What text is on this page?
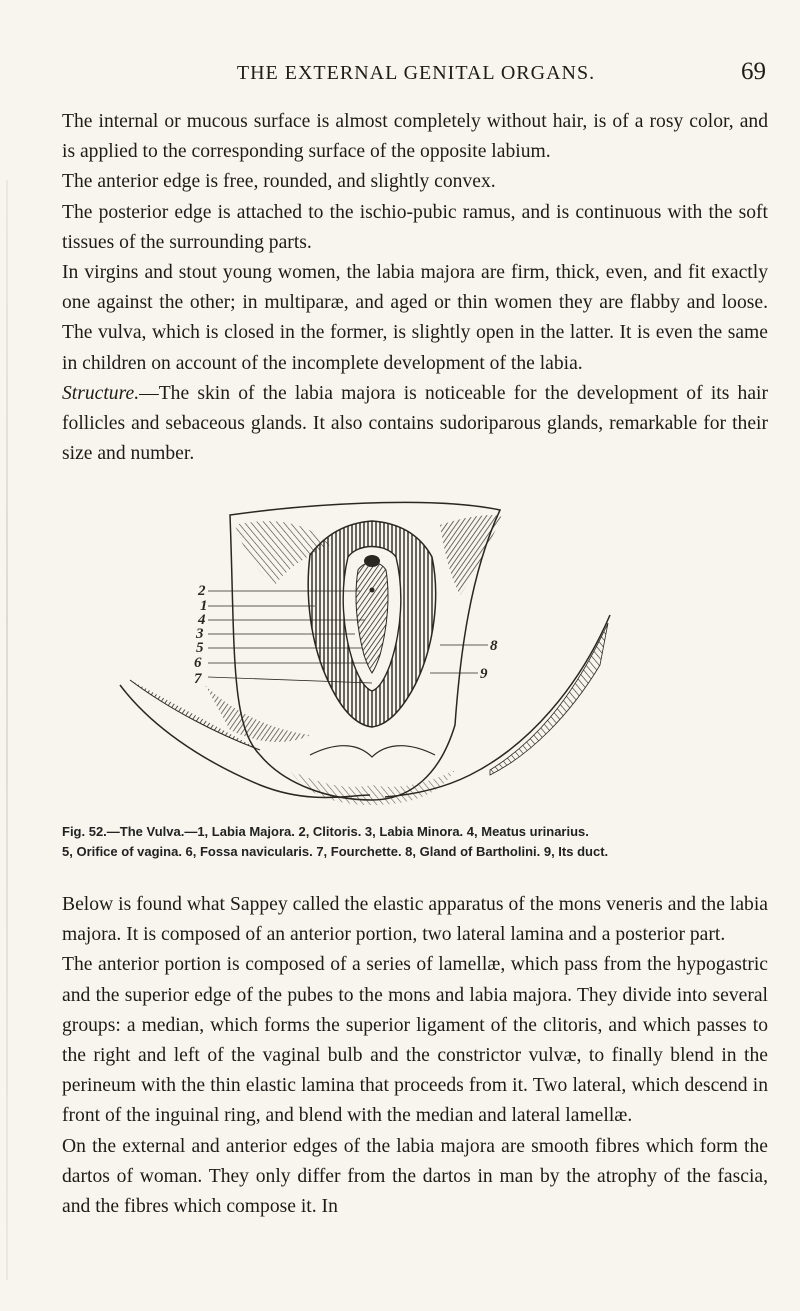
THE EXTERNAL GENITAL ORGANS.	69

The internal or mucous surface is almost completely without hair, is of a rosy color, and is applied to the corresponding surface of the opposite labium.

The anterior edge is free, rounded, and slightly convex.

The posterior edge is attached to the ischio-pubic ramus, and is continuous with the soft tissues of the surrounding parts.

In virgins and stout young women, the labia majora are firm, thick, even, and fit exactly one against the other; in multiparæ, and aged or thin women they are flabby and loose. The vulva, which is closed in the former, is slightly open in the latter. It is even the same in children on account of the incomplete development of the labia.

Structure.—The skin of the labia majora is noticeable for the development of its hair follicles and sebaceous glands. It also contains sudoriparous glands, remarkable for their size and number.

2
1
4
3
5
6
7
8
9
Fig. 52.—The Vulva.—1, Labia Majora. 2, Clitoris. 3, Labia Minora. 4, Meatus urinarius.
5, Orifice of vagina. 6, Fossa navicularis. 7, Fourchette. 8, Gland of Bartholini. 9, Its duct.

Below is found what Sappey called the elastic apparatus of the mons veneris and the labia majora. It is composed of an anterior portion, two lateral lamina and a posterior part.

The anterior portion is composed of a series of lamellæ, which pass from the hypogastric and the superior edge of the pubes to the mons and labia majora. They divide into several groups: a median, which forms the superior ligament of the clitoris, and which passes to the right and left of the vaginal bulb and the constrictor vulvæ, to finally blend in the perineum with the thin elastic lamina that proceeds from it. Two lateral, which descend in front of the inguinal ring, and blend with the median and lateral lamellæ.

On the external and anterior edges of the labia majora are smooth fibres which form the dartos of woman. They only differ from the dartos in man by the atrophy of the fascia, and the fibres which compose it. In
